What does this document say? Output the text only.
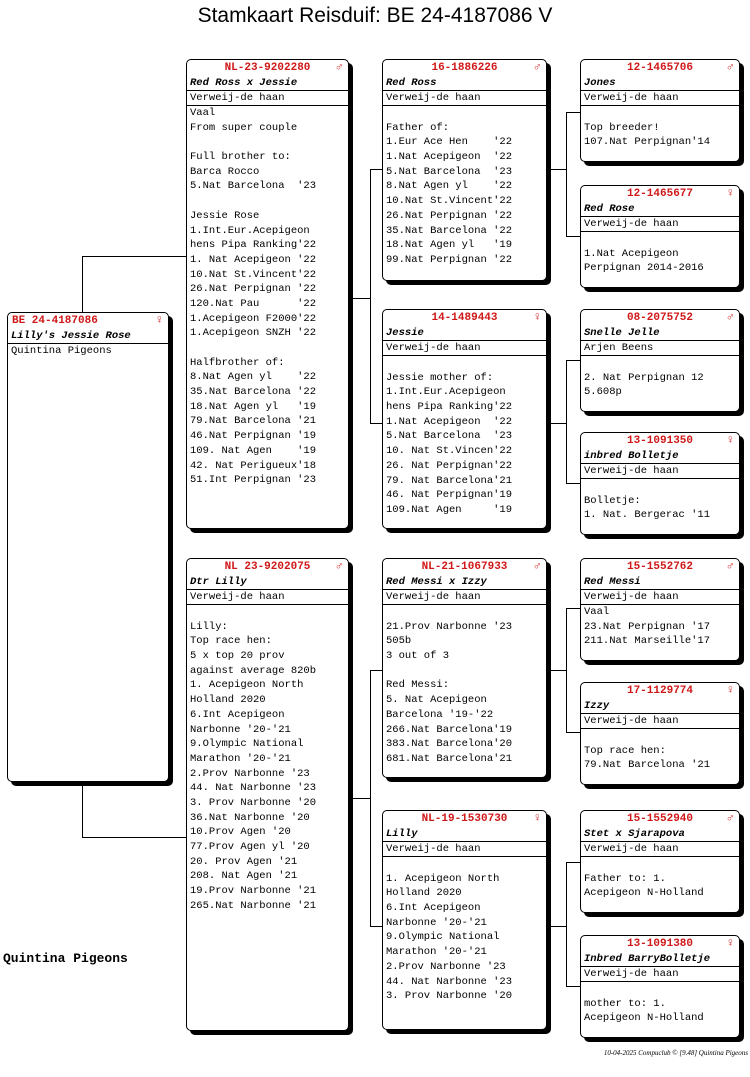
Stamkaart Reisduif: BE 24-4187086 V
BE 24-4187086	♀
Lilly's Jessie Rose
Quintina Pigeons
NL-23-9202280 ♂
Red Ross x Jessie
Verweij-de haan
Vaal
From super couple
Full brother to:
Barca Rocco
5.Nat Barcelona  '23
Jessie Rose
1.Int.Eur.Acepigeon
hens Pipa Ranking'22
1. Nat Acepigeon '22
10.Nat St.Vincent'22
26.Nat Perpignan '22
120.Nat Pau      '22
1.Acepigeon F2000'22
1.Acepigeon SNZH '22
Halfbrother of:
8.Nat Agen yl    '22
35.Nat Barcelona '22
18.Nat Agen yl   '19
79.Nat Barcelona '21
46.Nat Perpignan '19
109. Nat Agen    '19
42. Nat Perigueux'18
51.Int Perpignan '23
NL 23-9202075 ♂
Dtr Lilly
Verweij-de haan
Lilly:
Top race hen:
5 x top 20 prov
against average 820b
1. Acepigeon North
Holland 2020
6.Int Acepigeon
Narbonne '20-'21
9.Olympic National
Marathon '20-'21
2.Prov Narbonne '23
44. Nat Narbonne '23
3. Prov Narbonne '20
36.Nat Narbonne '20
10.Prov Agen '20
77.Prov Agen yl '20
20. Prov Agen '21
208. Nat Agen '21
19.Prov Narbonne '21
265.Nat Narbonne '21
16-1886226	♂
Red Ross
Verweij-de haan
Father of:
1.Eur Ace Hen    '22
1.Nat Acepigeon  '22
5.Nat Barcelona  '23
8.Nat Agen yl    '22
10.Nat St.Vincent'22
26.Nat Perpignan '22
35.Nat Barcelona '22
18.Nat Agen yl   '19
99.Nat Perpignan '22
14-1489443	♀
Jessie
Verweij-de haan
Jessie mother of:
1.Int.Eur.Acepigeon
hens Pipa Ranking'22
1.Nat Acepigeon  '22
5.Nat Barcelona  '23
10. Nat St.Vincen'22
26. Nat Perpignan'22
79. Nat Barcelona'21
46. Nat Perpignan'19
109.Nat Agen     '19
NL-21-1067933 ♂
Red Messi x Izzy
Verweij-de haan
21.Prov Narbonne '23
505b
3 out of 3
Red Messi:
5. Nat Acepigeon
Barcelona '19-'22
266.Nat Barcelona'19
383.Nat Barcelona'20
681.Nat Barcelona'21
NL-19-1530730 ♀
Lilly
Verweij-de haan
1. Acepigeon North
Holland 2020
6.Int Acepigeon
Narbonne '20-'21
9.Olympic National
Marathon '20-'21
2.Prov Narbonne '23
44. Nat Narbonne '23
3. Prov Narbonne '20
12-1465706	♂
Jones
Verweij-de haan
Top breeder!
107.Nat Perpignan'14
12-1465677	♀
Red Rose
Verweij-de haan
1.Nat Acepigeon
Perpignan 2014-2016
08-2075752	♂
Snelle Jelle
Arjen Beens
2. Nat Perpignan 12
5.608p
13-1091350	♀
inbred Bolletje
Verweij-de haan
Bolletje:
1. Nat. Bergerac '11
15-1552762	♂
Red Messi
Verweij-de haan
Vaal
23.Nat Perpignan '17
211.Nat Marseille'17
17-1129774	♀
Izzy
Verweij-de haan
Top race hen:
79.Nat Barcelona '21
15-1552940	♂
Stet x Sjarapova
Verweij-de haan
Father to: 1.
Acepigeon N-Holland
13-1091380	♀
Inbred BarryBolletje
Verweij-de haan
mother to: 1.
Acepigeon N-Holland
Quintina Pigeons
10-04-2025 Compuclub © [9.48] Quintina Pigeons
